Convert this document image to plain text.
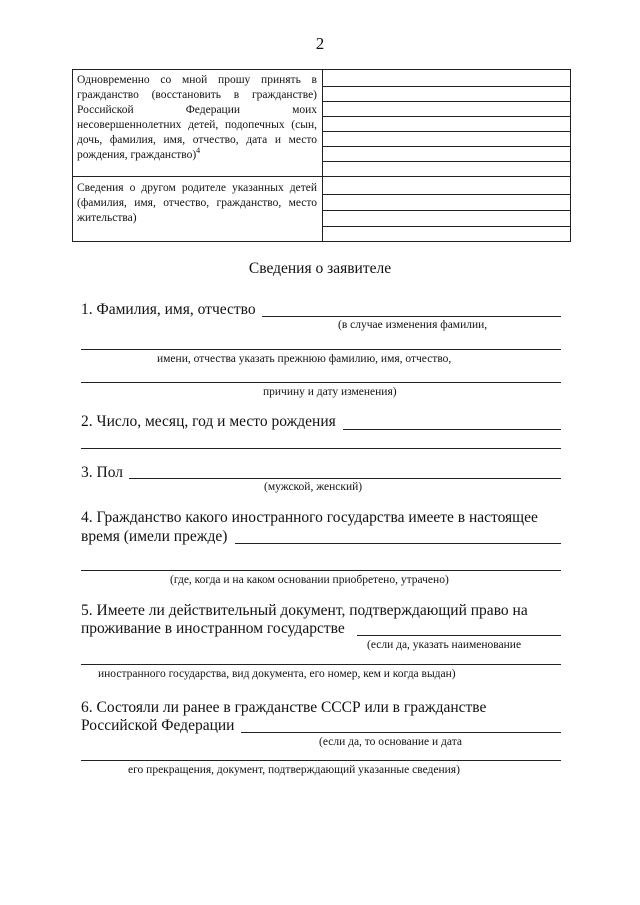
2
Одновременно со мной прошу принять в гражданство (восстановить в гражданстве) Российской Федерации моих несовершеннолетних детей, подопечных (сын, дочь, фамилия, имя, отчество, дата и место рождения, гражданство)$^4$
Сведения о другом родителе указанных детей (фамилия, имя, отчество, гражданство, место жительства)
Сведения о заявителе
1. Фамилия, имя, отчество
(в случае изменения фамилии,
имени, отчества указать прежнюю фамилию, имя, отчество,
причину и дату изменения)
2. Число, месяц, год и место рождения
3. Пол
(мужской, женский)
4. Гражданство какого иностранного государства имеете в настоящее
время (имели прежде)
(где, когда и на каком основании приобретено, утрачено)
5. Имеете ли действительный документ, подтверждающий право на
проживание в иностранном государстве
(если да, указать наименование
иностранного государства, вид документа, его номер, кем и когда выдан)
6. Состояли ли ранее в гражданстве СССР или в гражданстве
Российской Федерации
(если да, то основание и дата
его прекращения, документ, подтверждающий указанные сведения)
